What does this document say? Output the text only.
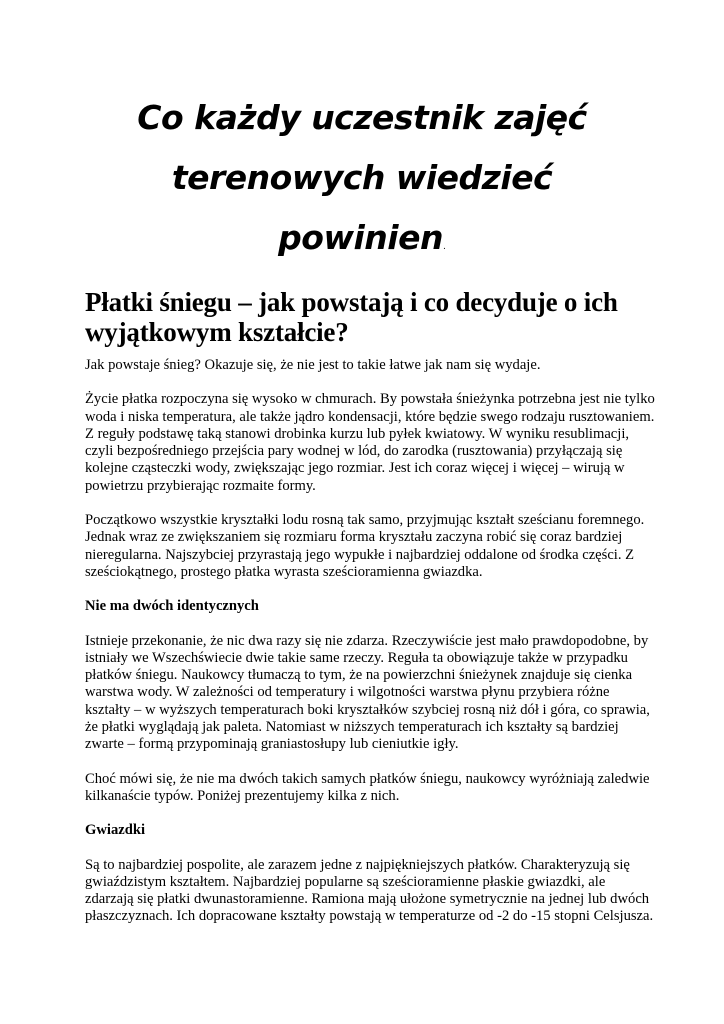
Co każdy uczestnik zajęć
terenowych wiedzieć
powinien.
Płatki śniegu – jak powstają i co decyduje o ich wyjątkowym kształcie?

Jak powstaje śnieg? Okazuje się, że nie jest to takie łatwe jak nam się wydaje.

Życie płatka rozpoczyna się wysoko w chmurach. By powstała śnieżynka potrzebna jest nie tylko woda i niska temperatura, ale także jądro kondensacji, które będzie swego rodzaju rusztowaniem. Z reguły podstawę taką stanowi drobinka kurzu lub pyłek kwiatowy. W wyniku resublimacji, czyli bezpośredniego przejścia pary wodnej w lód, do zarodka (rusztowania) przyłączają się kolejne cząsteczki wody, zwiększając jego rozmiar. Jest ich coraz więcej i więcej – wirują w powietrzu przybierając rozmaite formy.

Początkowo wszystkie kryształki lodu rosną tak samo, przyjmując kształt sześcianu foremnego. Jednak wraz ze zwiększaniem się rozmiaru forma kryształu zaczyna robić się coraz bardziej nieregularna. Najszybciej przyrastają jego wypukłe i najbardziej oddalone od środka części. Z sześciokątnego, prostego płatka wyrasta sześcioramienna gwiazdka.

Nie ma dwóch identycznych

Istnieje przekonanie, że nic dwa razy się nie zdarza. Rzeczywiście jest mało prawdopodobne, by istniały we Wszechświecie dwie takie same rzeczy. Reguła ta obowiązuje także w przypadku płatków śniegu. Naukowcy tłumaczą to tym, że na powierzchni śnieżynek znajduje się cienka warstwa wody. W zależności od temperatury i wilgotności warstwa płynu przybiera różne kształty – w wyższych temperaturach boki kryształków szybciej rosną niż dół i góra, co sprawia, że płatki wyglądają jak paleta. Natomiast w niższych temperaturach ich kształty są bardziej zwarte – formą przypominają graniastosłupy lub cieniutkie igły.

Choć mówi się, że nie ma dwóch takich samych płatków śniegu, naukowcy wyróżniają zaledwie kilkanaście typów. Poniżej prezentujemy kilka z nich.

Gwiazdki

Są to najbardziej pospolite, ale zarazem jedne z najpiękniejszych płatków. Charakteryzują się gwiaździstym kształtem. Najbardziej popularne są sześcioramienne płaskie gwiazdki, ale zdarzają się płatki dwunastoramienne. Ramiona mają ułożone symetrycznie na jednej lub dwóch płaszczyznach. Ich dopracowane kształty powstają w temperaturze od -2 do -15 stopni Celsjusza.
